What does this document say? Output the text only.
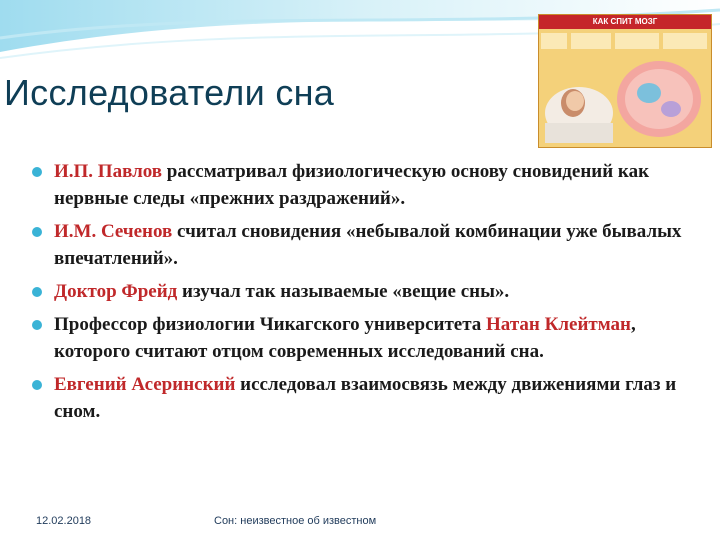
Исследователи сна
КАК СПИТ МОЗГ
И.П. Павлов рассматривал физиологическую основу сновидений как нервные следы «прежних раздражений».
И.М. Сеченов считал сновидения «небывалой комбинации уже бывалых впечатлений».
Доктор Фрейд изучал так называемые «вещие сны».
Профессор физиологии Чикагского университета Натан Клейтман, которого считают отцом современных исследований сна.
Евгений Асеринский исследовал взаимосвязь между движениями глаз и сном.
12.02.2018	Сон: неизвестное об известном
